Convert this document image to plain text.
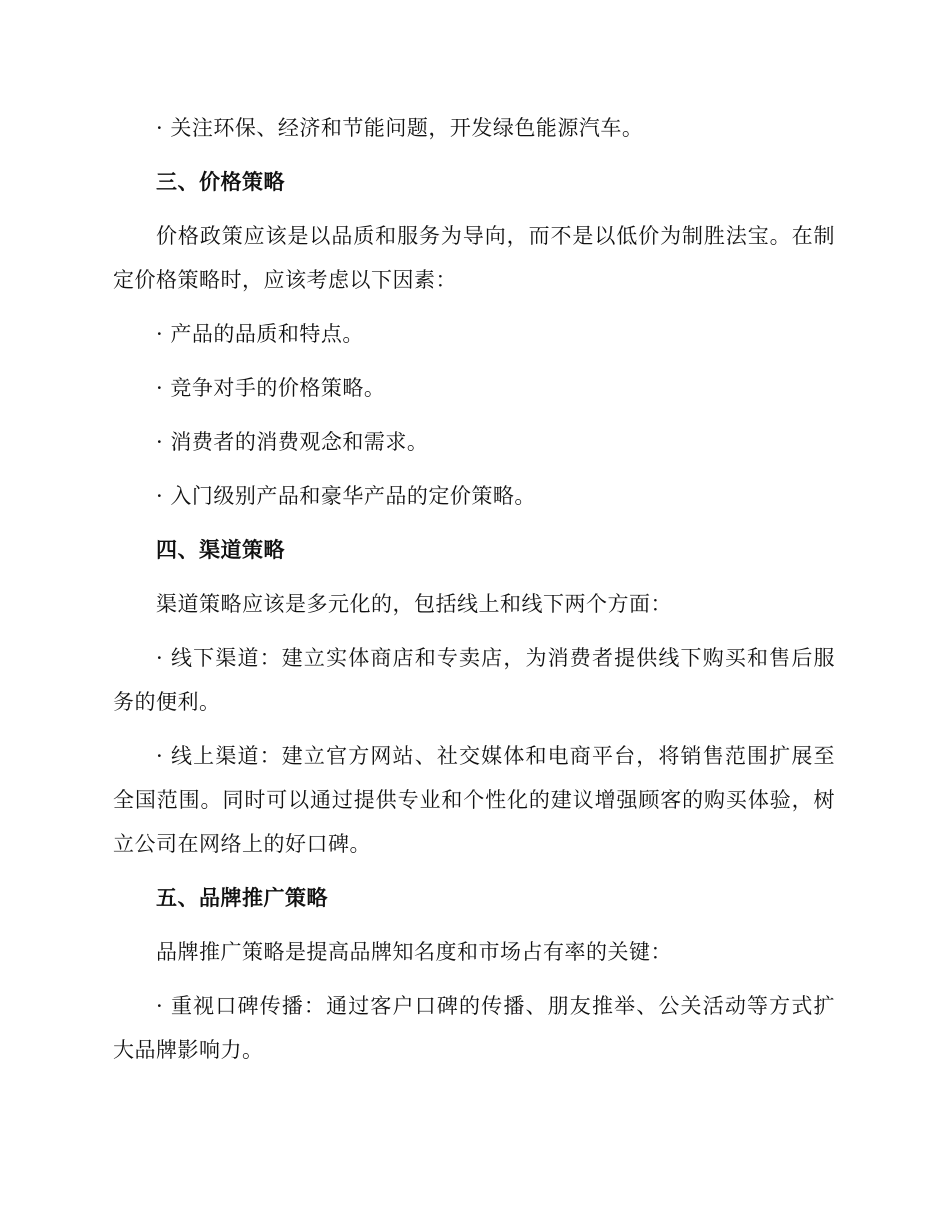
· 关注环保、经济和节能问题，开发绿色能源汽车。

三、价格策略

价格政策应该是以品质和服务为导向，而不是以低价为制胜法宝。在制定价格策略时，应该考虑以下因素：

· 产品的品质和特点。

· 竞争对手的价格策略。

· 消费者的消费观念和需求。

· 入门级别产品和豪华产品的定价策略。

四、渠道策略

渠道策略应该是多元化的，包括线上和线下两个方面：

· 线下渠道：建立实体商店和专卖店，为消费者提供线下购买和售后服务的便利。

· 线上渠道：建立官方网站、社交媒体和电商平台，将销售范围扩展至全国范围。同时可以通过提供专业和个性化的建议增强顾客的购买体验，树立公司在网络上的好口碑。

五、品牌推广策略

品牌推广策略是提高品牌知名度和市场占有率的关键：

· 重视口碑传播：通过客户口碑的传播、朋友推举、公关活动等方式扩大品牌影响力。
